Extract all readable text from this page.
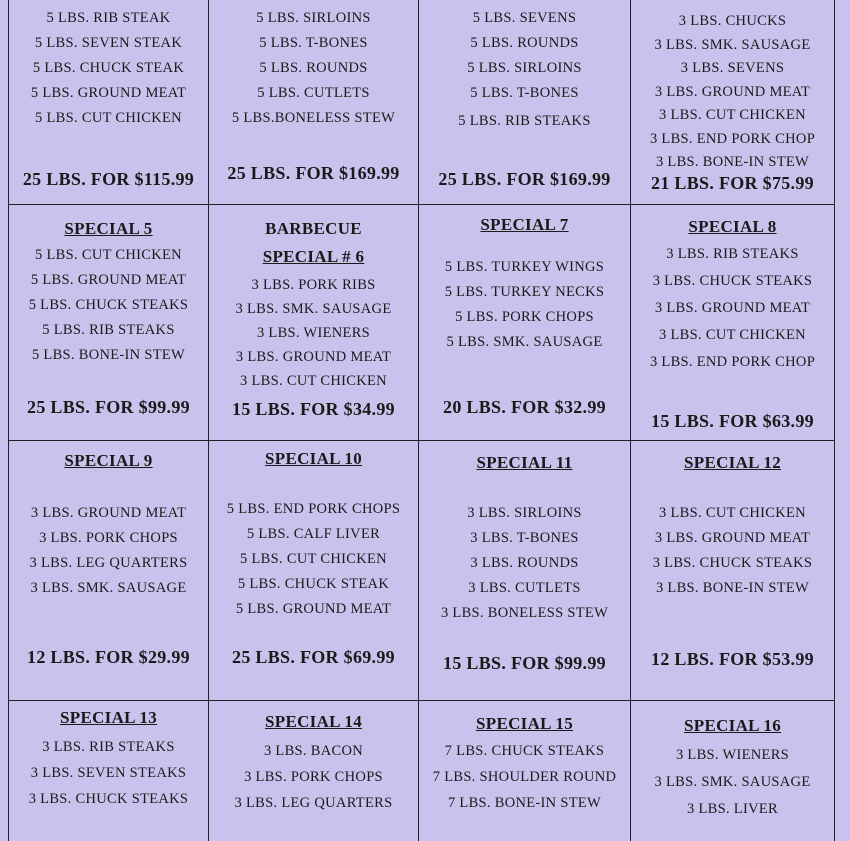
5 LBS. RIB STEAK
5 LBS. SEVEN STEAK
5 LBS. CHUCK STEAK
5 LBS. GROUND MEAT
5 LBS. CUT CHICKEN
25 LBS. FOR $115.99
5 LBS. SIRLOINS
5 LBS. T-BONES
5 LBS. ROUNDS
5 LBS. CUTLETS
5 LBS.BONELESS STEW
25 LBS. FOR $169.99
5 LBS. SEVENS
5 LBS. ROUNDS
5 LBS. SIRLOINS
5 LBS. T-BONES
5 LBS. RIB STEAKS
25 LBS. FOR $169.99
3 LBS. CHUCKS
3 LBS. SMK. SAUSAGE
3 LBS. SEVENS
3 LBS. GROUND MEAT
3 LBS. CUT CHICKEN
3 LBS. END PORK CHOP
3 LBS. BONE-IN STEW
21 LBS. FOR $75.99
SPECIAL 5
5 LBS. CUT CHICKEN
5 LBS. GROUND MEAT
5 LBS. CHUCK STEAKS
5 LBS. RIB STEAKS
5 LBS. BONE-IN STEW
25 LBS. FOR $99.99
BARBECUE
SPECIAL # 6
3 LBS. PORK RIBS
3 LBS. SMK. SAUSAGE
3 LBS. WIENERS
3 LBS. GROUND MEAT
3 LBS. CUT CHICKEN
15 LBS. FOR $34.99
SPECIAL 7
5 LBS. TURKEY WINGS
5 LBS. TURKEY NECKS
5 LBS. PORK CHOPS
5 LBS. SMK. SAUSAGE
20 LBS. FOR $32.99
SPECIAL 8
3 LBS. RIB STEAKS
3 LBS. CHUCK STEAKS
3 LBS. GROUND MEAT
3 LBS. CUT CHICKEN
3 LBS. END PORK CHOP
15 LBS. FOR $63.99
SPECIAL 9
3 LBS. GROUND MEAT
3 LBS. PORK CHOPS
3 LBS. LEG QUARTERS
3 LBS. SMK. SAUSAGE
12 LBS. FOR $29.99
SPECIAL 10
5 LBS. END PORK CHOPS
5 LBS. CALF LIVER
5 LBS. CUT CHICKEN
5 LBS. CHUCK STEAK
5 LBS. GROUND MEAT
25 LBS. FOR $69.99
SPECIAL 11
3 LBS. SIRLOINS
3 LBS. T-BONES
3 LBS. ROUNDS
3 LBS. CUTLETS
3 LBS. BONELESS STEW
15 LBS. FOR $99.99
SPECIAL 12
3 LBS. CUT CHICKEN
3 LBS. GROUND MEAT
3 LBS. CHUCK STEAKS
3 LBS. BONE-IN STEW
12 LBS. FOR $53.99
SPECIAL 13
3 LBS. RIB STEAKS
3 LBS. SEVEN STEAKS
3 LBS. CHUCK STEAKS
SPECIAL 14
3 LBS. BACON
3 LBS. PORK CHOPS
3 LBS. LEG QUARTERS
SPECIAL 15
7 LBS. CHUCK STEAKS
7 LBS. SHOULDER ROUND
7 LBS. BONE-IN STEW
SPECIAL 16
3 LBS. WIENERS
3 LBS. SMK. SAUSAGE
3 LBS. LIVER
